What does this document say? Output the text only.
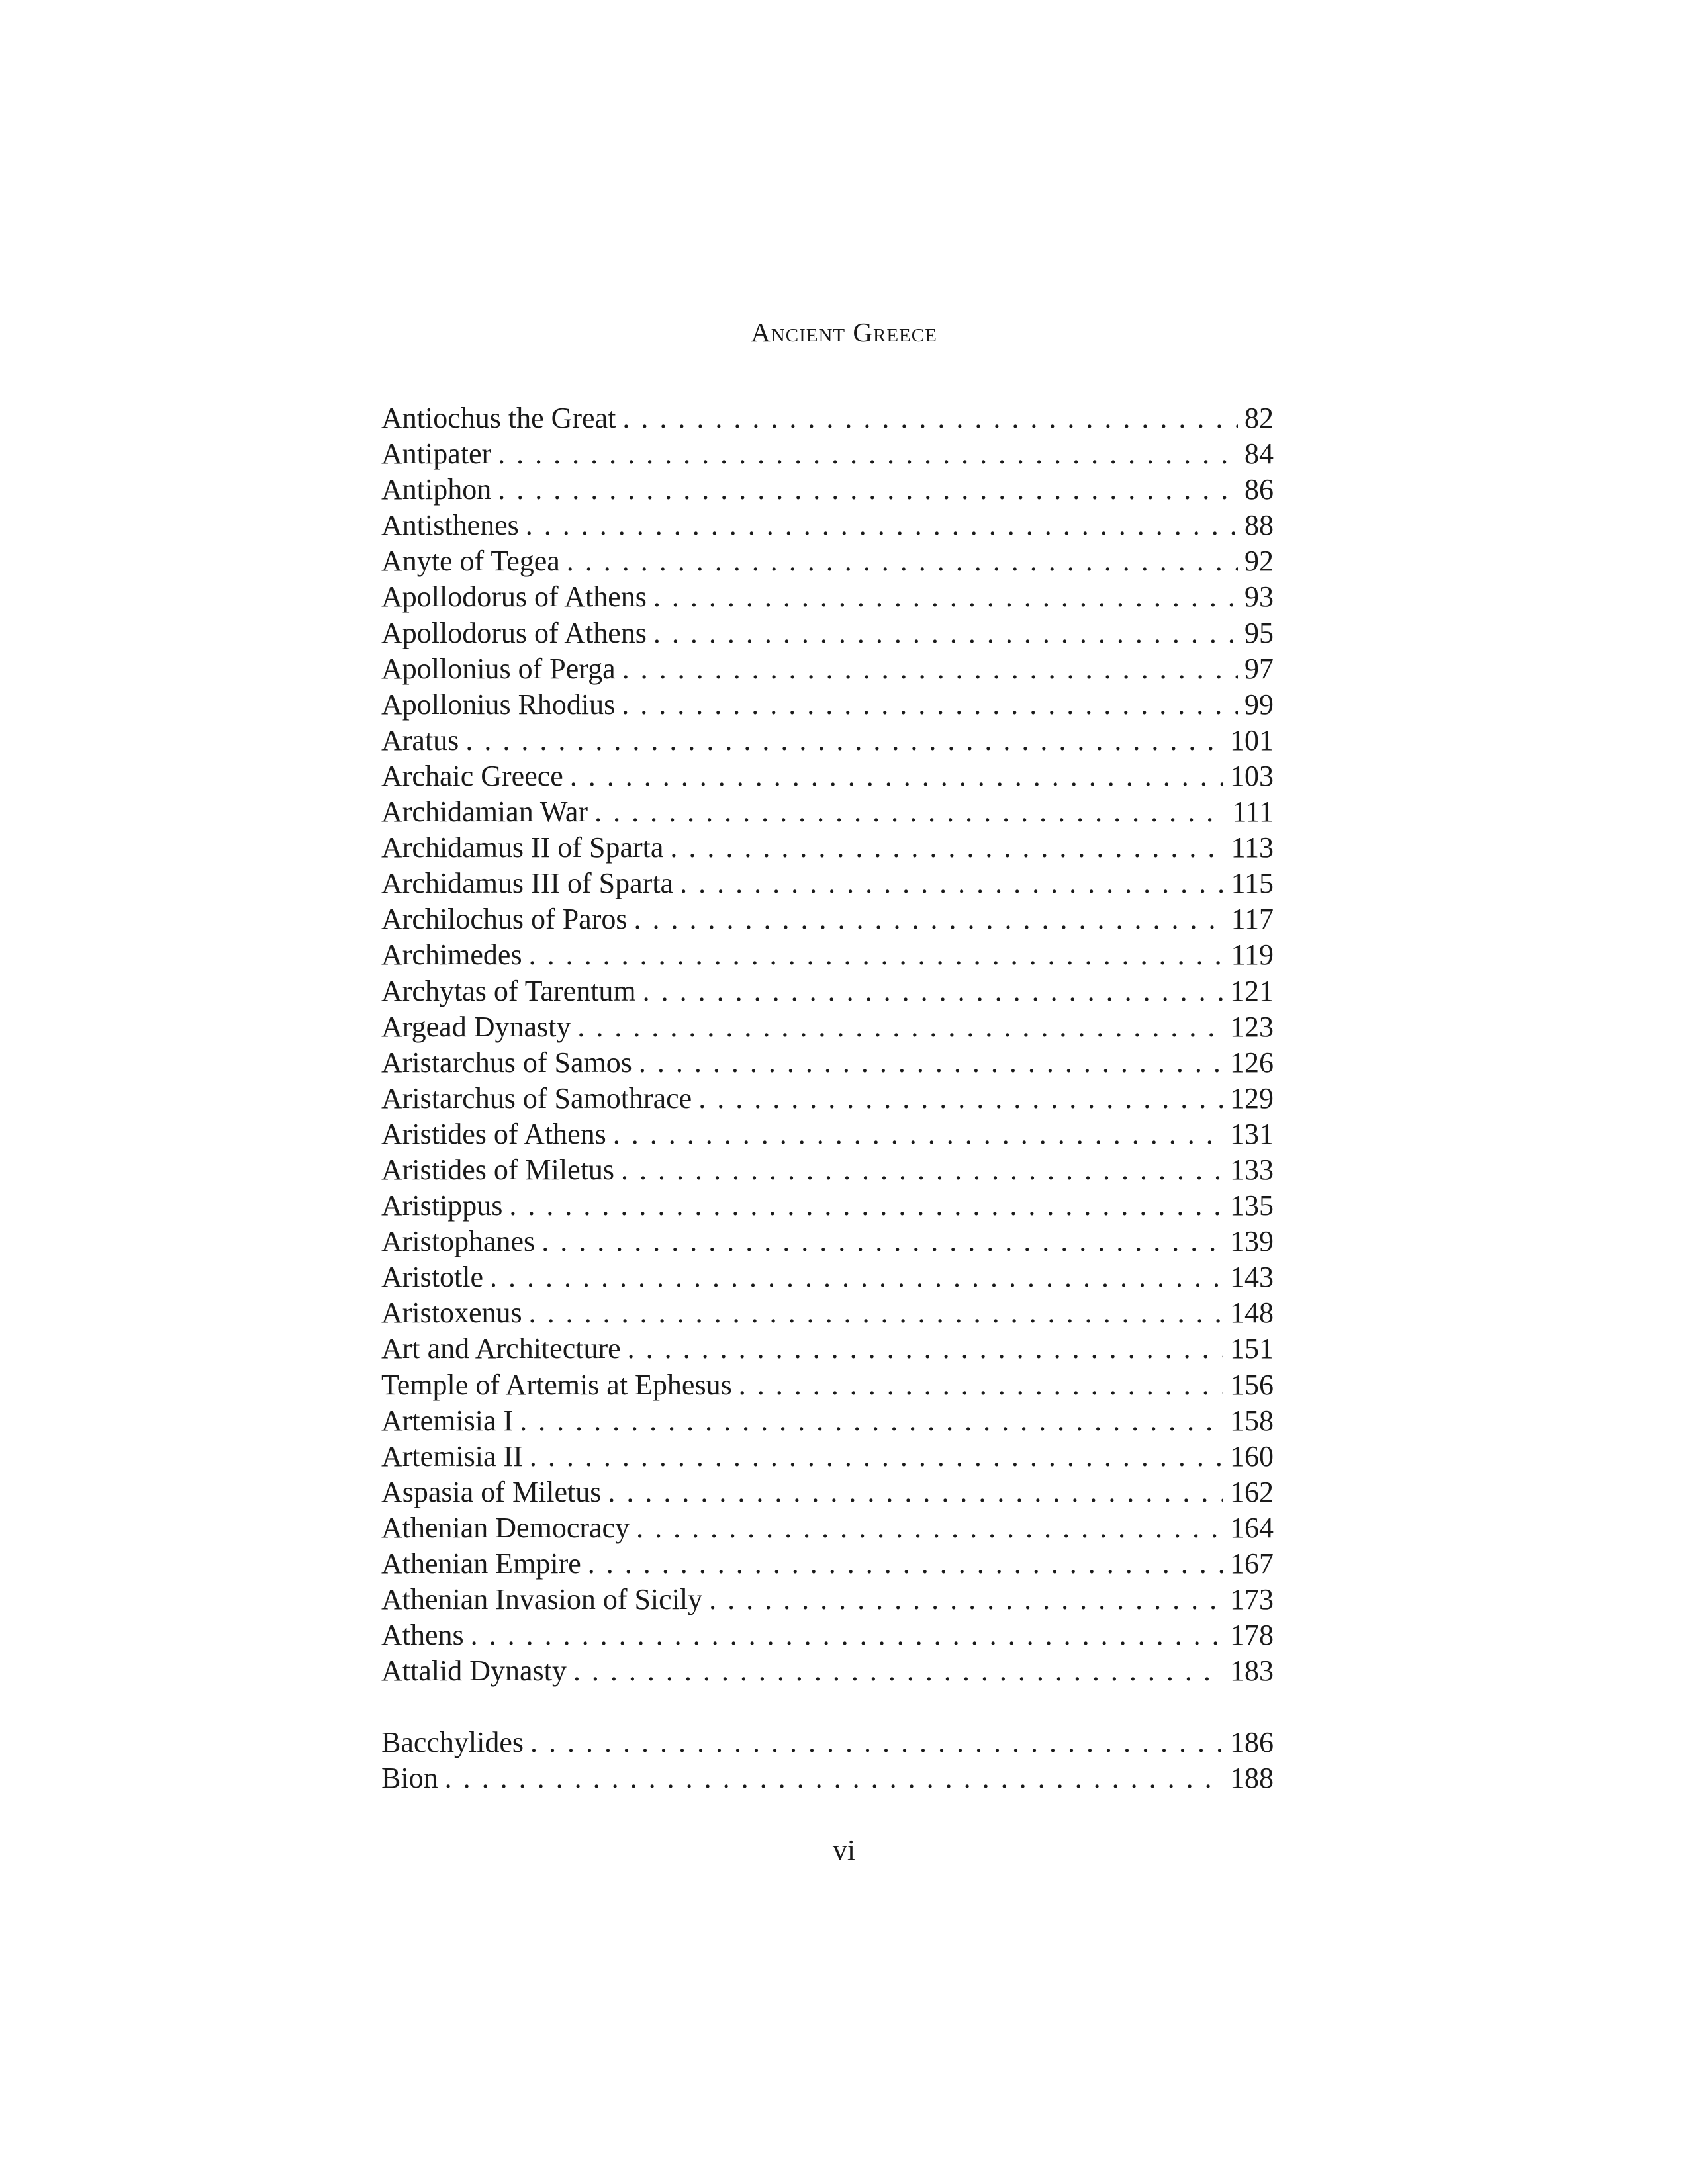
Ancient Greece
Antiochus the Great . . .	82
Antipater . . .	84
Antiphon . . .	86
Antisthenes . . .	88
Anyte of Tegea . . .	92
Apollodorus of Athens . . .	93
Apollodorus of Athens . . .	95
Apollonius of Perga . . .	97
Apollonius Rhodius . . .	99
Aratus . . .	101
Archaic Greece . . .	103
Archidamian War . . .	111
Archidamus II of Sparta . . .	113
Archidamus III of Sparta . . .	115
Archilochus of Paros . . .	117
Archimedes . . .	119
Archytas of Tarentum . . .	121
Argead Dynasty . . .	123
Aristarchus of Samos . . .	126
Aristarchus of Samothrace . . .	129
Aristides of Athens . . .	131
Aristides of Miletus . . .	133
Aristippus . . .	135
Aristophanes . . .	139
Aristotle . . .	143
Aristoxenus . . .	148
Art and Architecture . . .	151
Temple of Artemis at Ephesus . . .	156
Artemisia I . . .	158
Artemisia II . . .	160
Aspasia of Miletus . . .	162
Athenian Democracy . . .	164
Athenian Empire . . .	167
Athenian Invasion of Sicily . . .	173
Athens . . .	178
Attalid Dynasty . . .	183
Bacchylides . . .	186
Bion . . .	188
vi
